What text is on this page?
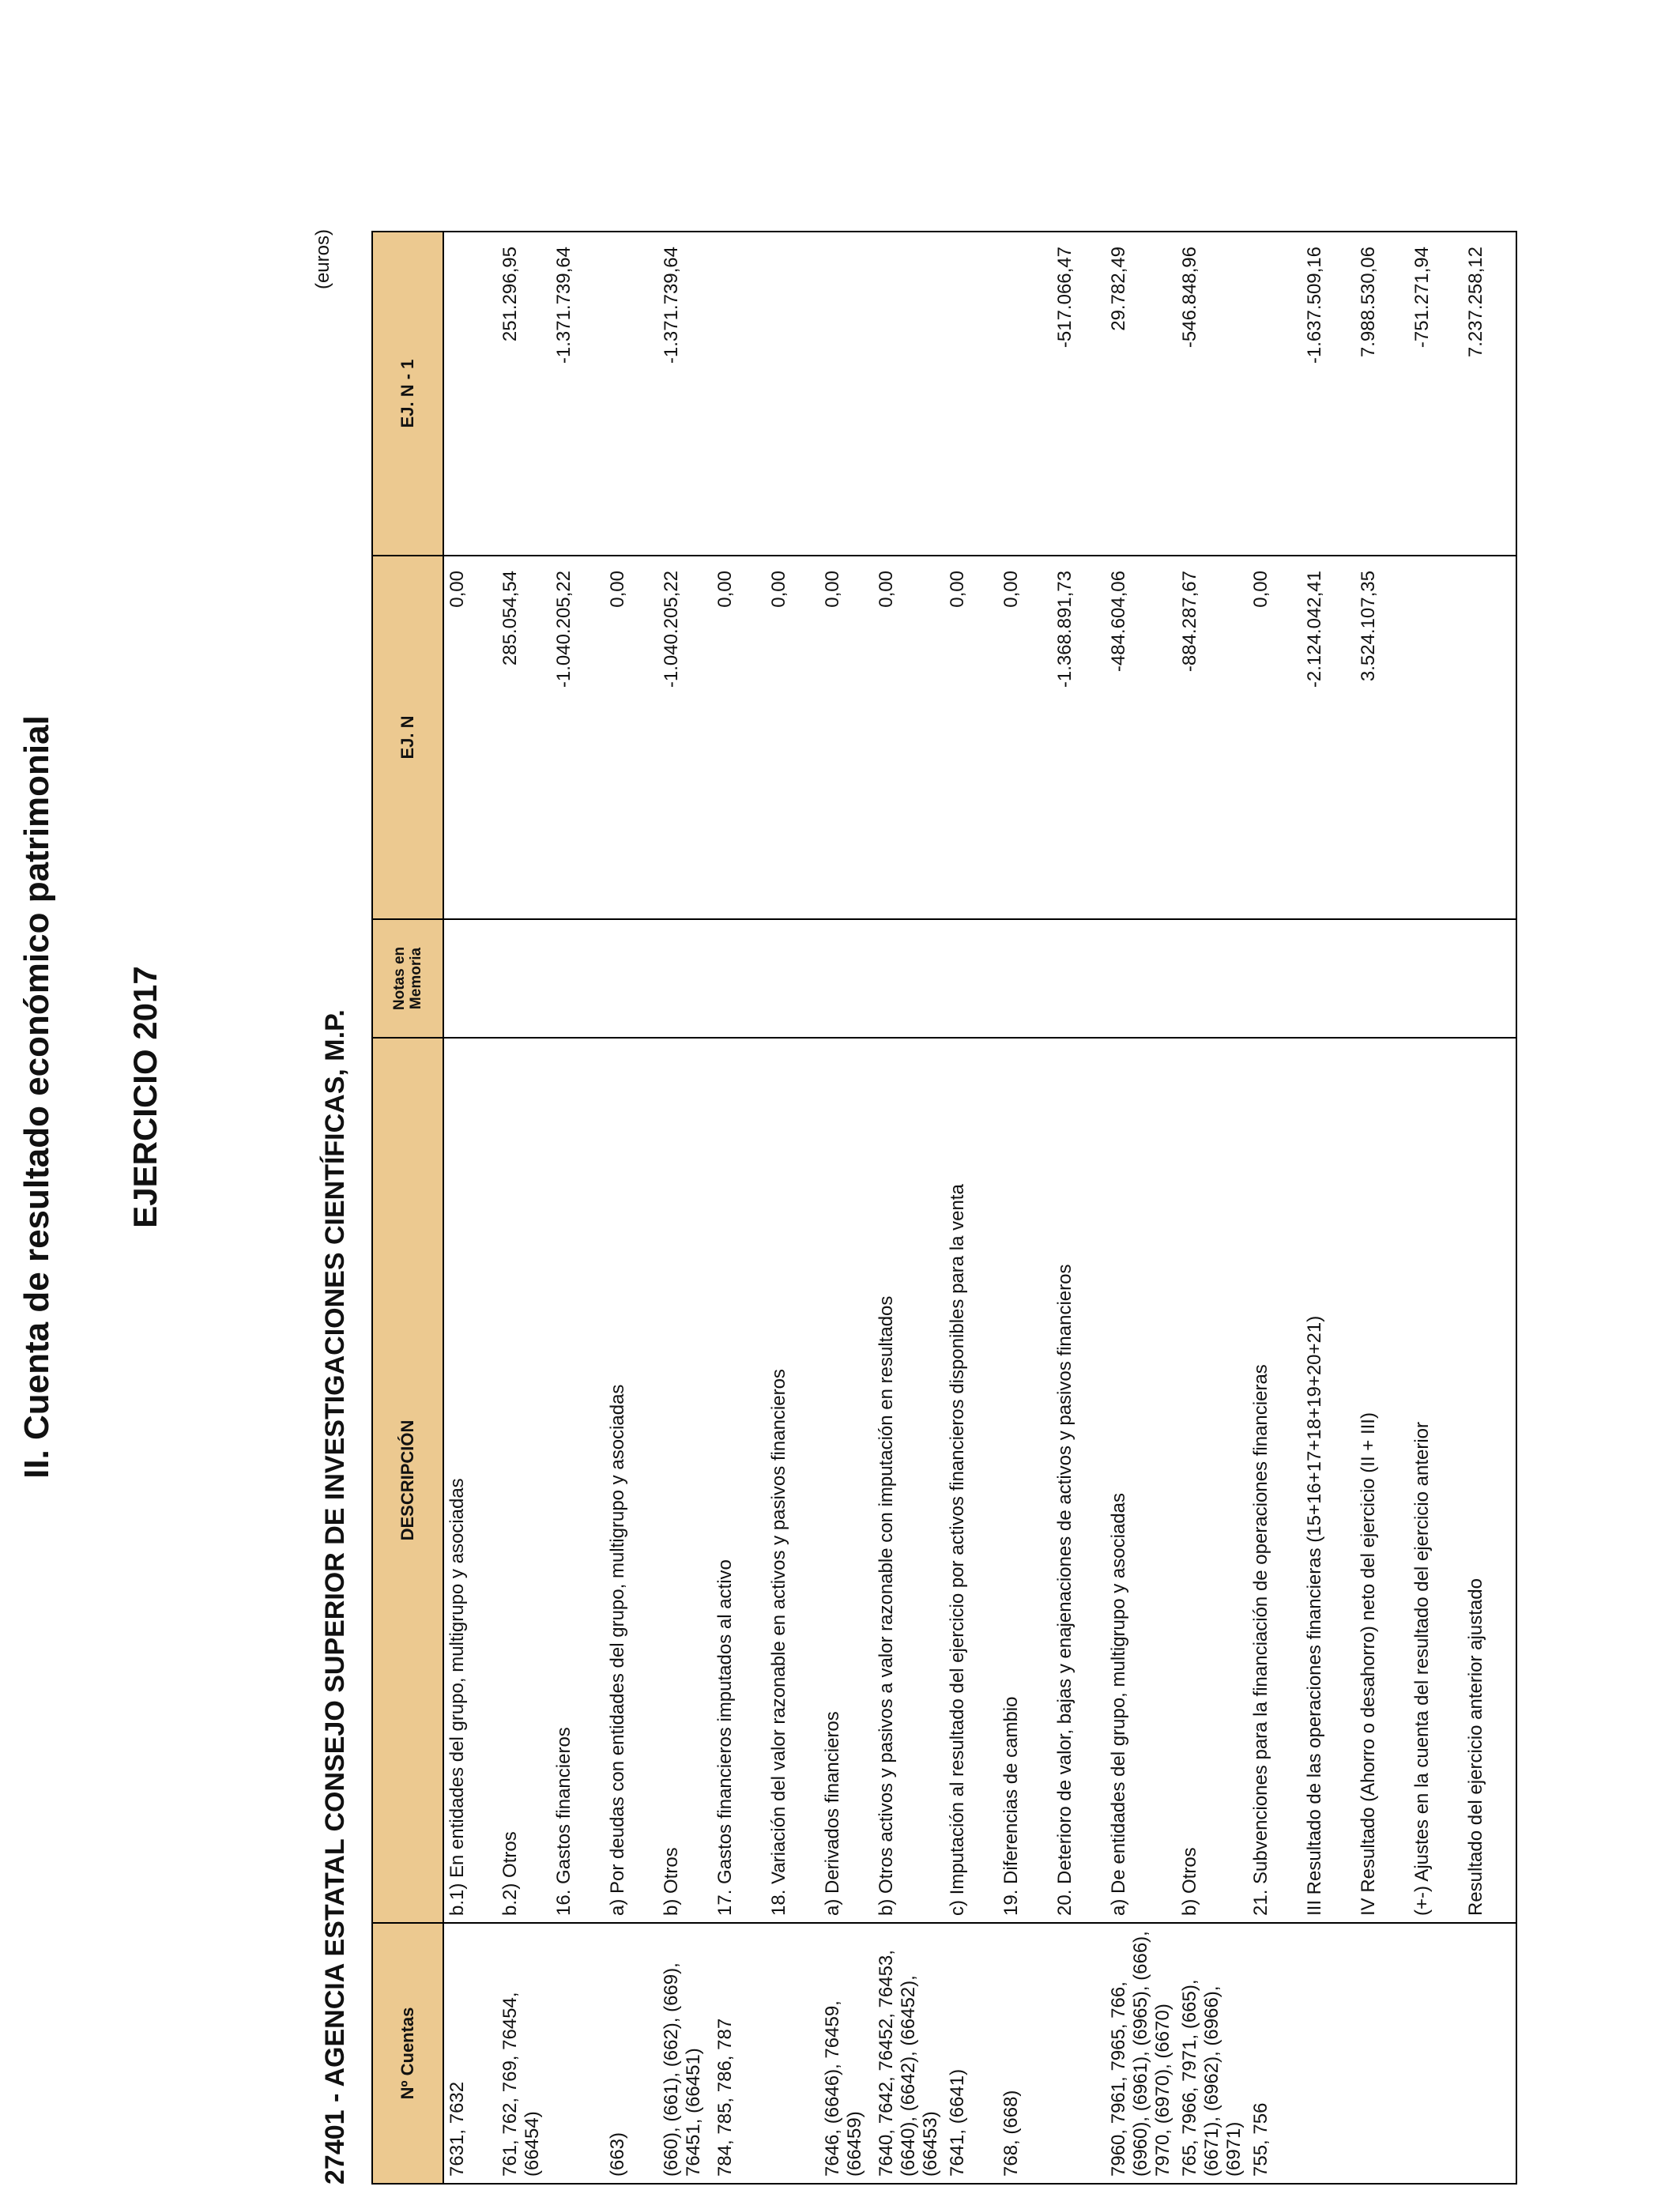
II. Cuenta de resultado económico patrimonial EJERCICIO 2017	27401 - AGENCIA ESTATAL CONSEJO SUPERIOR DE INVESTIGACIONES CIENTÍFICAS, M.P.
(euros)
Nº Cuentas	DESCRIPCIÓN	Notas en Memoria	EJ. N	EJ. N - 1
7631, 7632	b.1) En entidades del grupo, multigrupo y asociadas		0,00	
761, 762, 769, 76454, (66454)	b.2) Otros		285.054,54	251.296,95
	16. Gastos financieros		-1.040.205,22	-1.371.739,64
(663)	a) Por deudas con entidades del grupo, multigrupo y asociadas		0,00	
(660), (661), (662), (669), 76451, (66451)	b) Otros		-1.040.205,22	-1.371.739,64
784, 785, 786, 787	17. Gastos financieros imputados al activo		0,00	
	18. Variación del valor razonable en activos y pasivos financieros		0,00	
7646, (6646), 76459, (66459)	a) Derivados financieros		0,00	
7640, 7642, 76452, 76453, (6640), (6642), (66452), (66453)	b) Otros activos y pasivos a valor razonable con imputación en resultados		0,00	
7641, (6641)	c) Imputación al resultado del ejercicio por activos financieros disponibles para la venta		0,00	
768, (668)	19. Diferencias de cambio		0,00	
	20. Deterioro de valor, bajas y enajenaciones de activos y pasivos financieros		-1.368.891,73	-517.066,47
7960, 7961, 7965, 766, (6960), (6961), (6965), (666), 7970, (6970), (6670)	a) De entidades del grupo, multigrupo y asociadas		-484.604,06	29.782,49
765, 7966, 7971, (665), (6671), (6962), (6966), (6971)	b) Otros		-884.287,67	-546.848,96
755, 756	21. Subvenciones para la financiación de operaciones financieras		0,00	
	III Resultado de las operaciones financieras (15+16+17+18+19+20+21)		-2.124.042,41	-1.637.509,16
	IV Resultado (Ahorro o desahorro) neto del ejercicio (II + III)		3.524.107,35	7.988.530,06
	(+-) Ajustes en la cuenta del resultado del ejercicio anterior			-751.271,94
	Resultado del ejercicio anterior ajustado			7.237.258,12
